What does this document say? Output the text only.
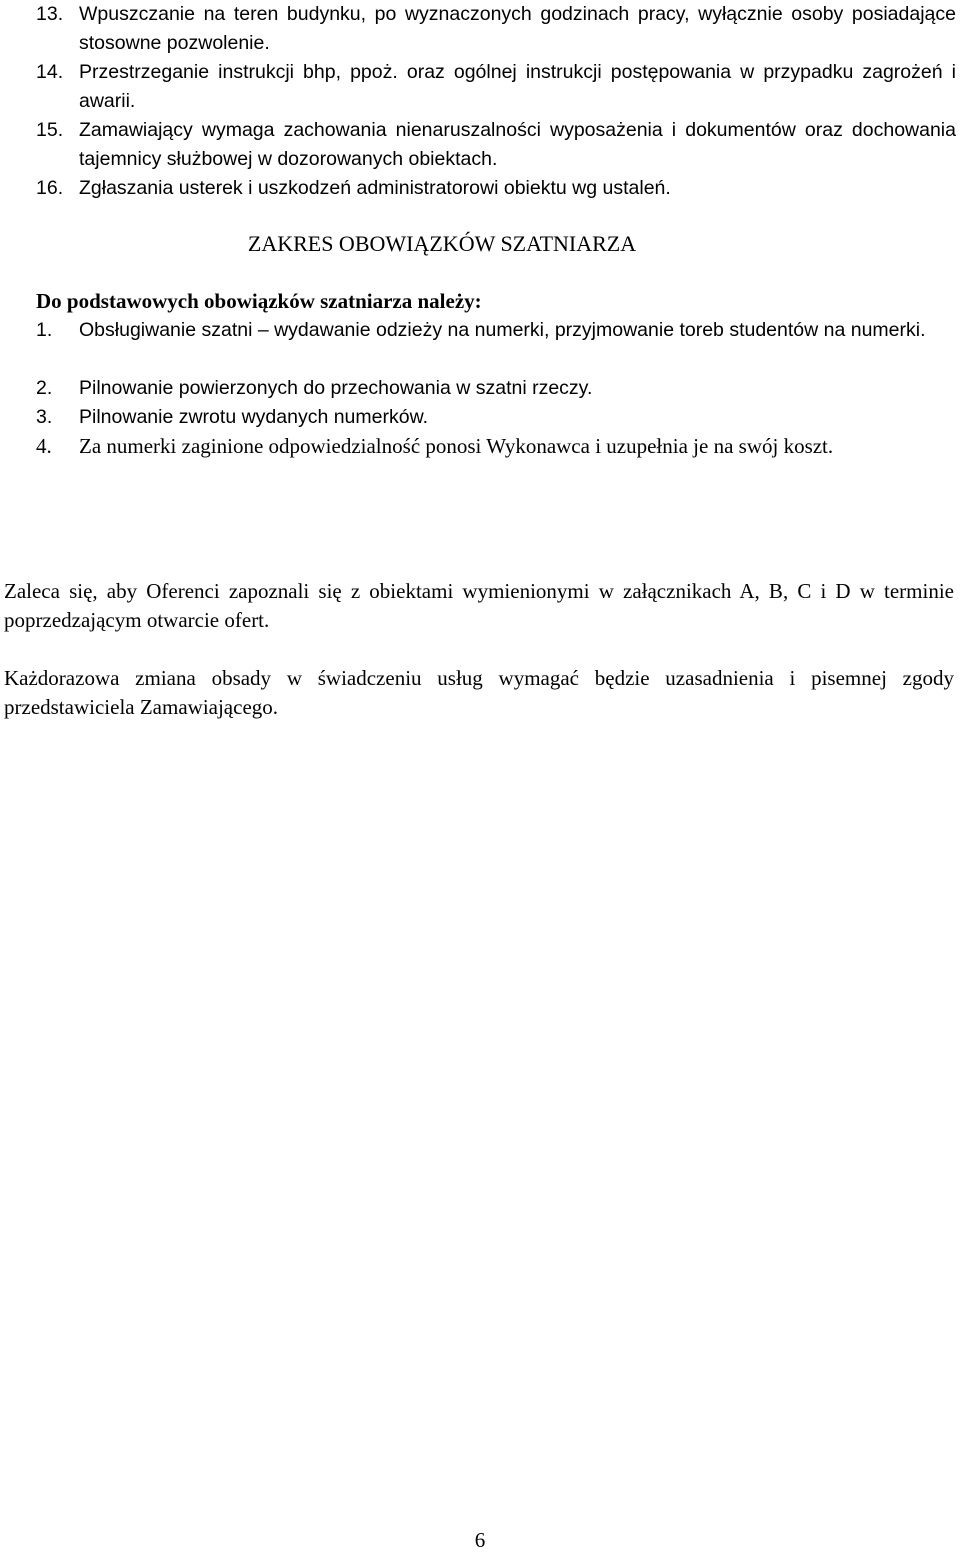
13. Wpuszczanie na teren budynku, po wyznaczonych godzinach pracy, wyłącznie osoby posiadające stosowne pozwolenie.
14. Przestrzeganie instrukcji bhp, ppoż. oraz ogólnej instrukcji postępowania w przypadku zagrożeń i awarii.
15. Zamawiający wymaga zachowania nienaruszalności wyposażenia i dokumentów oraz dochowania tajemnicy służbowej w dozorowanych obiektach.
16. Zgłaszania usterek i uszkodzeń administratorowi obiektu wg ustaleń.
ZAKRES OBOWIĄZKÓW SZATNIARZA
Do podstawowych obowiązków szatniarza należy:
1. Obsługiwanie szatni – wydawanie odzieży na numerki, przyjmowanie toreb studentów na numerki.
2. Pilnowanie powierzonych do przechowania w szatni rzeczy.
3. Pilnowanie zwrotu wydanych numerków.
4. Za numerki zaginione odpowiedzialność ponosi Wykonawca i uzupełnia je na swój koszt.
Zaleca się, aby Oferenci zapoznali się z obiektami wymienionymi w załącznikach A, B, C i D w terminie poprzedzającym otwarcie ofert.
Każdorazowa zmiana obsady w świadczeniu usług wymagać będzie uzasadnienia i pisemnej zgody przedstawiciela Zamawiającego.
6
